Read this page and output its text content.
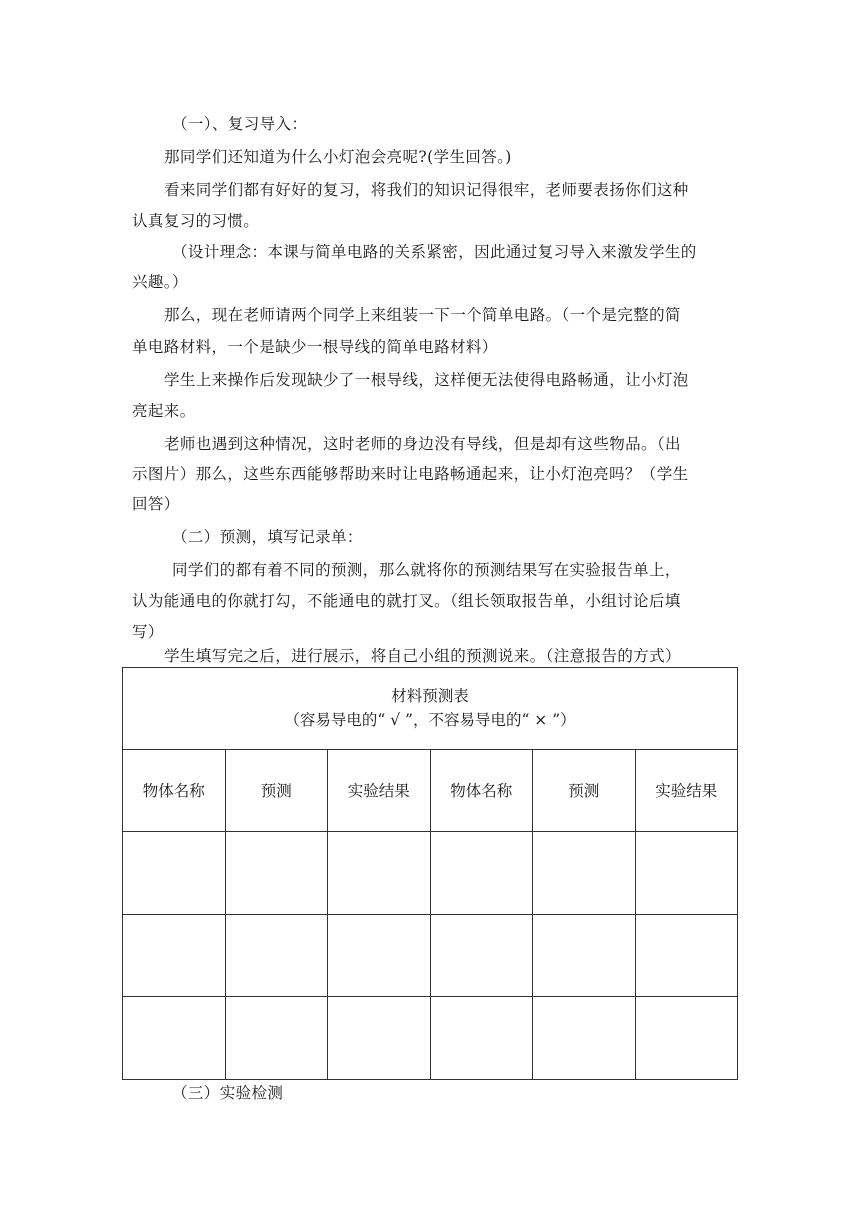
（一）、复习导入：
那同学们还知道为什么小灯泡会亮呢?(学生回答。)
看来同学们都有好好的复习，将我们的知识记得很牢，老师要表扬你们这种
认真复习的习惯。
（设计理念：本课与简单电路的关系紧密，因此通过复习导入来激发学生的
兴趣。）
那么，现在老师请两个同学上来组装一下一个简单电路。（一个是完整的简
单电路材料，一个是缺少一根导线的简单电路材料）
学生上来操作后发现缺少了一根导线，这样便无法使得电路畅通，让小灯泡
亮起来。
老师也遇到这种情况，这时老师的身边没有导线，但是却有这些物品。（出
示图片）那么，这些东西能够帮助来时让电路畅通起来，让小灯泡亮吗？（学生
回答）
（二）预测，填写记录单：
同学们的都有着不同的预测，那么就将你的预测结果写在实验报告单上，
认为能通电的你就打勾，不能通电的就打叉。（组长领取报告单，小组讨论后填
写）
学生填写完之后，进行展示，将自己小组的预测说来。（注意报告的方式）
材料预测表
（容易导电的“ √ ”，不容易导电的“ × ”）					

物体名称	预测	实验结果	物体名称	预测	实验结果

（三）实验检测
